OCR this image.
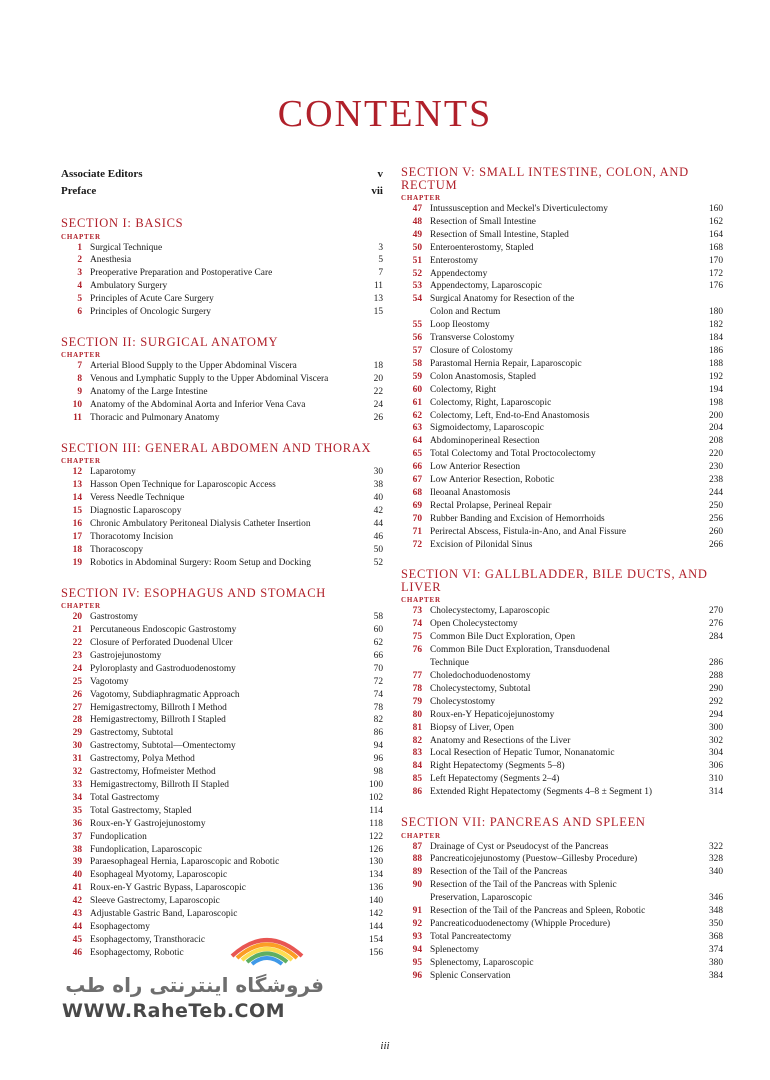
CONTENTS
Associate Editors	v
Preface	vii
SECTION I: BASICS
CHAPTER
1 Surgical Technique	3
2 Anesthesia	5
3 Preoperative Preparation and Postoperative Care	7
4 Ambulatory Surgery	11
5 Principles of Acute Care Surgery	13
6 Principles of Oncologic Surgery	15
SECTION II: SURGICAL ANATOMY
CHAPTER
7 Arterial Blood Supply to the Upper Abdominal Viscera	18
8 Venous and Lymphatic Supply to the Upper Abdominal Viscera	20
9 Anatomy of the Large Intestine	22
10 Anatomy of the Abdominal Aorta and Inferior Vena Cava	24
11 Thoracic and Pulmonary Anatomy	26
SECTION III: GENERAL ABDOMEN AND THORAX
CHAPTER
12 Laparotomy	30
13 Hasson Open Technique for Laparoscopic Access	38
14 Veress Needle Technique	40
15 Diagnostic Laparoscopy	42
16 Chronic Ambulatory Peritoneal Dialysis Catheter Insertion	44
17 Thoracotomy Incision	46
18 Thoracoscopy	50
19 Robotics in Abdominal Surgery: Room Setup and Docking	52
SECTION IV: ESOPHAGUS AND STOMACH
CHAPTER
20 Gastrostomy	58
21 Percutaneous Endoscopic Gastrostomy	60
22 Closure of Perforated Duodenal Ulcer	62
23 Gastrojejunostomy	66
24 Pyloroplasty and Gastroduodenostomy	70
25 Vagotomy	72
26 Vagotomy, Subdiaphragmatic Approach	74
27 Hemigastrectomy, Billroth I Method	78
28 Hemigastrectomy, Billroth I Stapled	82
29 Gastrectomy, Subtotal	86
30 Gastrectomy, Subtotal—Omentectomy	94
31 Gastrectomy, Polya Method	96
32 Gastrectomy, Hofmeister Method	98
33 Hemigastrectomy, Billroth II Stapled	100
34 Total Gastrectomy	102
35 Total Gastrectomy, Stapled	114
36 Roux-en-Y Gastrojejunostomy	118
37 Fundoplication	122
38 Fundoplication, Laparoscopic	126
39 Paraesophageal Hernia, Laparoscopic and Robotic	130
40 Esophageal Myotomy, Laparoscopic	134
41 Roux-en-Y Gastric Bypass, Laparoscopic	136
42 Sleeve Gastrectomy, Laparoscopic	140
43 Adjustable Gastric Band, Laparoscopic	142
44 Esophagectomy	144
45 Esophagectomy, Transthoracic	154
46 Esophagectomy, Robotic	156
SECTION V: SMALL INTESTINE, COLON, AND RECTUM
CHAPTER
47 Intussusception and Meckel's Diverticulectomy	160
48 Resection of Small Intestine	162
49 Resection of Small Intestine, Stapled	164
50 Enteroenterostomy, Stapled	168
51 Enterostomy	170
52 Appendectomy	172
53 Appendectomy, Laparoscopic	176
54 Surgical Anatomy for Resection of the
Colon and Rectum	180
55 Loop Ileostomy	182
56 Transverse Colostomy	184
57 Closure of Colostomy	186
58 Parastomal Hernia Repair, Laparoscopic	188
59 Colon Anastomosis, Stapled	192
60 Colectomy, Right	194
61 Colectomy, Right, Laparoscopic	198
62 Colectomy, Left, End-to-End Anastomosis	200
63 Sigmoidectomy, Laparoscopic	204
64 Abdominoperineal Resection	208
65 Total Colectomy and Total Proctocolectomy	220
66 Low Anterior Resection	230
67 Low Anterior Resection, Robotic	238
68 Ileoanal Anastomosis	244
69 Rectal Prolapse, Perineal Repair	250
70 Rubber Banding and Excision of Hemorrhoids	256
71 Perirectal Abscess, Fistula-in-Ano, and Anal Fissure	260
72 Excision of Pilonidal Sinus	266
SECTION VI: GALLBLADDER, BILE DUCTS, AND LIVER
CHAPTER
73 Cholecystectomy, Laparoscopic	270
74 Open Cholecystectomy	276
75 Common Bile Duct Exploration, Open	284
76 Common Bile Duct Exploration, Transduodenal
Technique	286
77 Choledochoduodenostomy	288
78 Cholecystectomy, Subtotal	290
79 Cholecystostomy	292
80 Roux-en-Y Hepaticojejunostomy	294
81 Biopsy of Liver, Open	300
82 Anatomy and Resections of the Liver	302
83 Local Resection of Hepatic Tumor, Nonanatomic	304
84 Right Hepatectomy (Segments 5–8)	306
85 Left Hepatectomy (Segments 2–4)	310
86 Extended Right Hepatectomy (Segments 4–8 ± Segment 1)	314
SECTION VII: PANCREAS AND SPLEEN
CHAPTER
87 Drainage of Cyst or Pseudocyst of the Pancreas	322
88 Pancreaticojejunostomy (Puestow–Gillesby Procedure)	328
89 Resection of the Tail of the Pancreas	340
90 Resection of the Tail of the Pancreas with Splenic
Preservation, Laparoscopic	346
91 Resection of the Tail of the Pancreas and Spleen, Robotic	348
92 Pancreaticoduodenectomy (Whipple Procedure)	350
93 Total Pancreatectomy	368
94 Splenectomy	374
95 Splenectomy, Laparoscopic	380
96 Splenic Conservation	384
فروشگاه اینترنتی راه طب
WWW.RaheTeb.COM
iii
